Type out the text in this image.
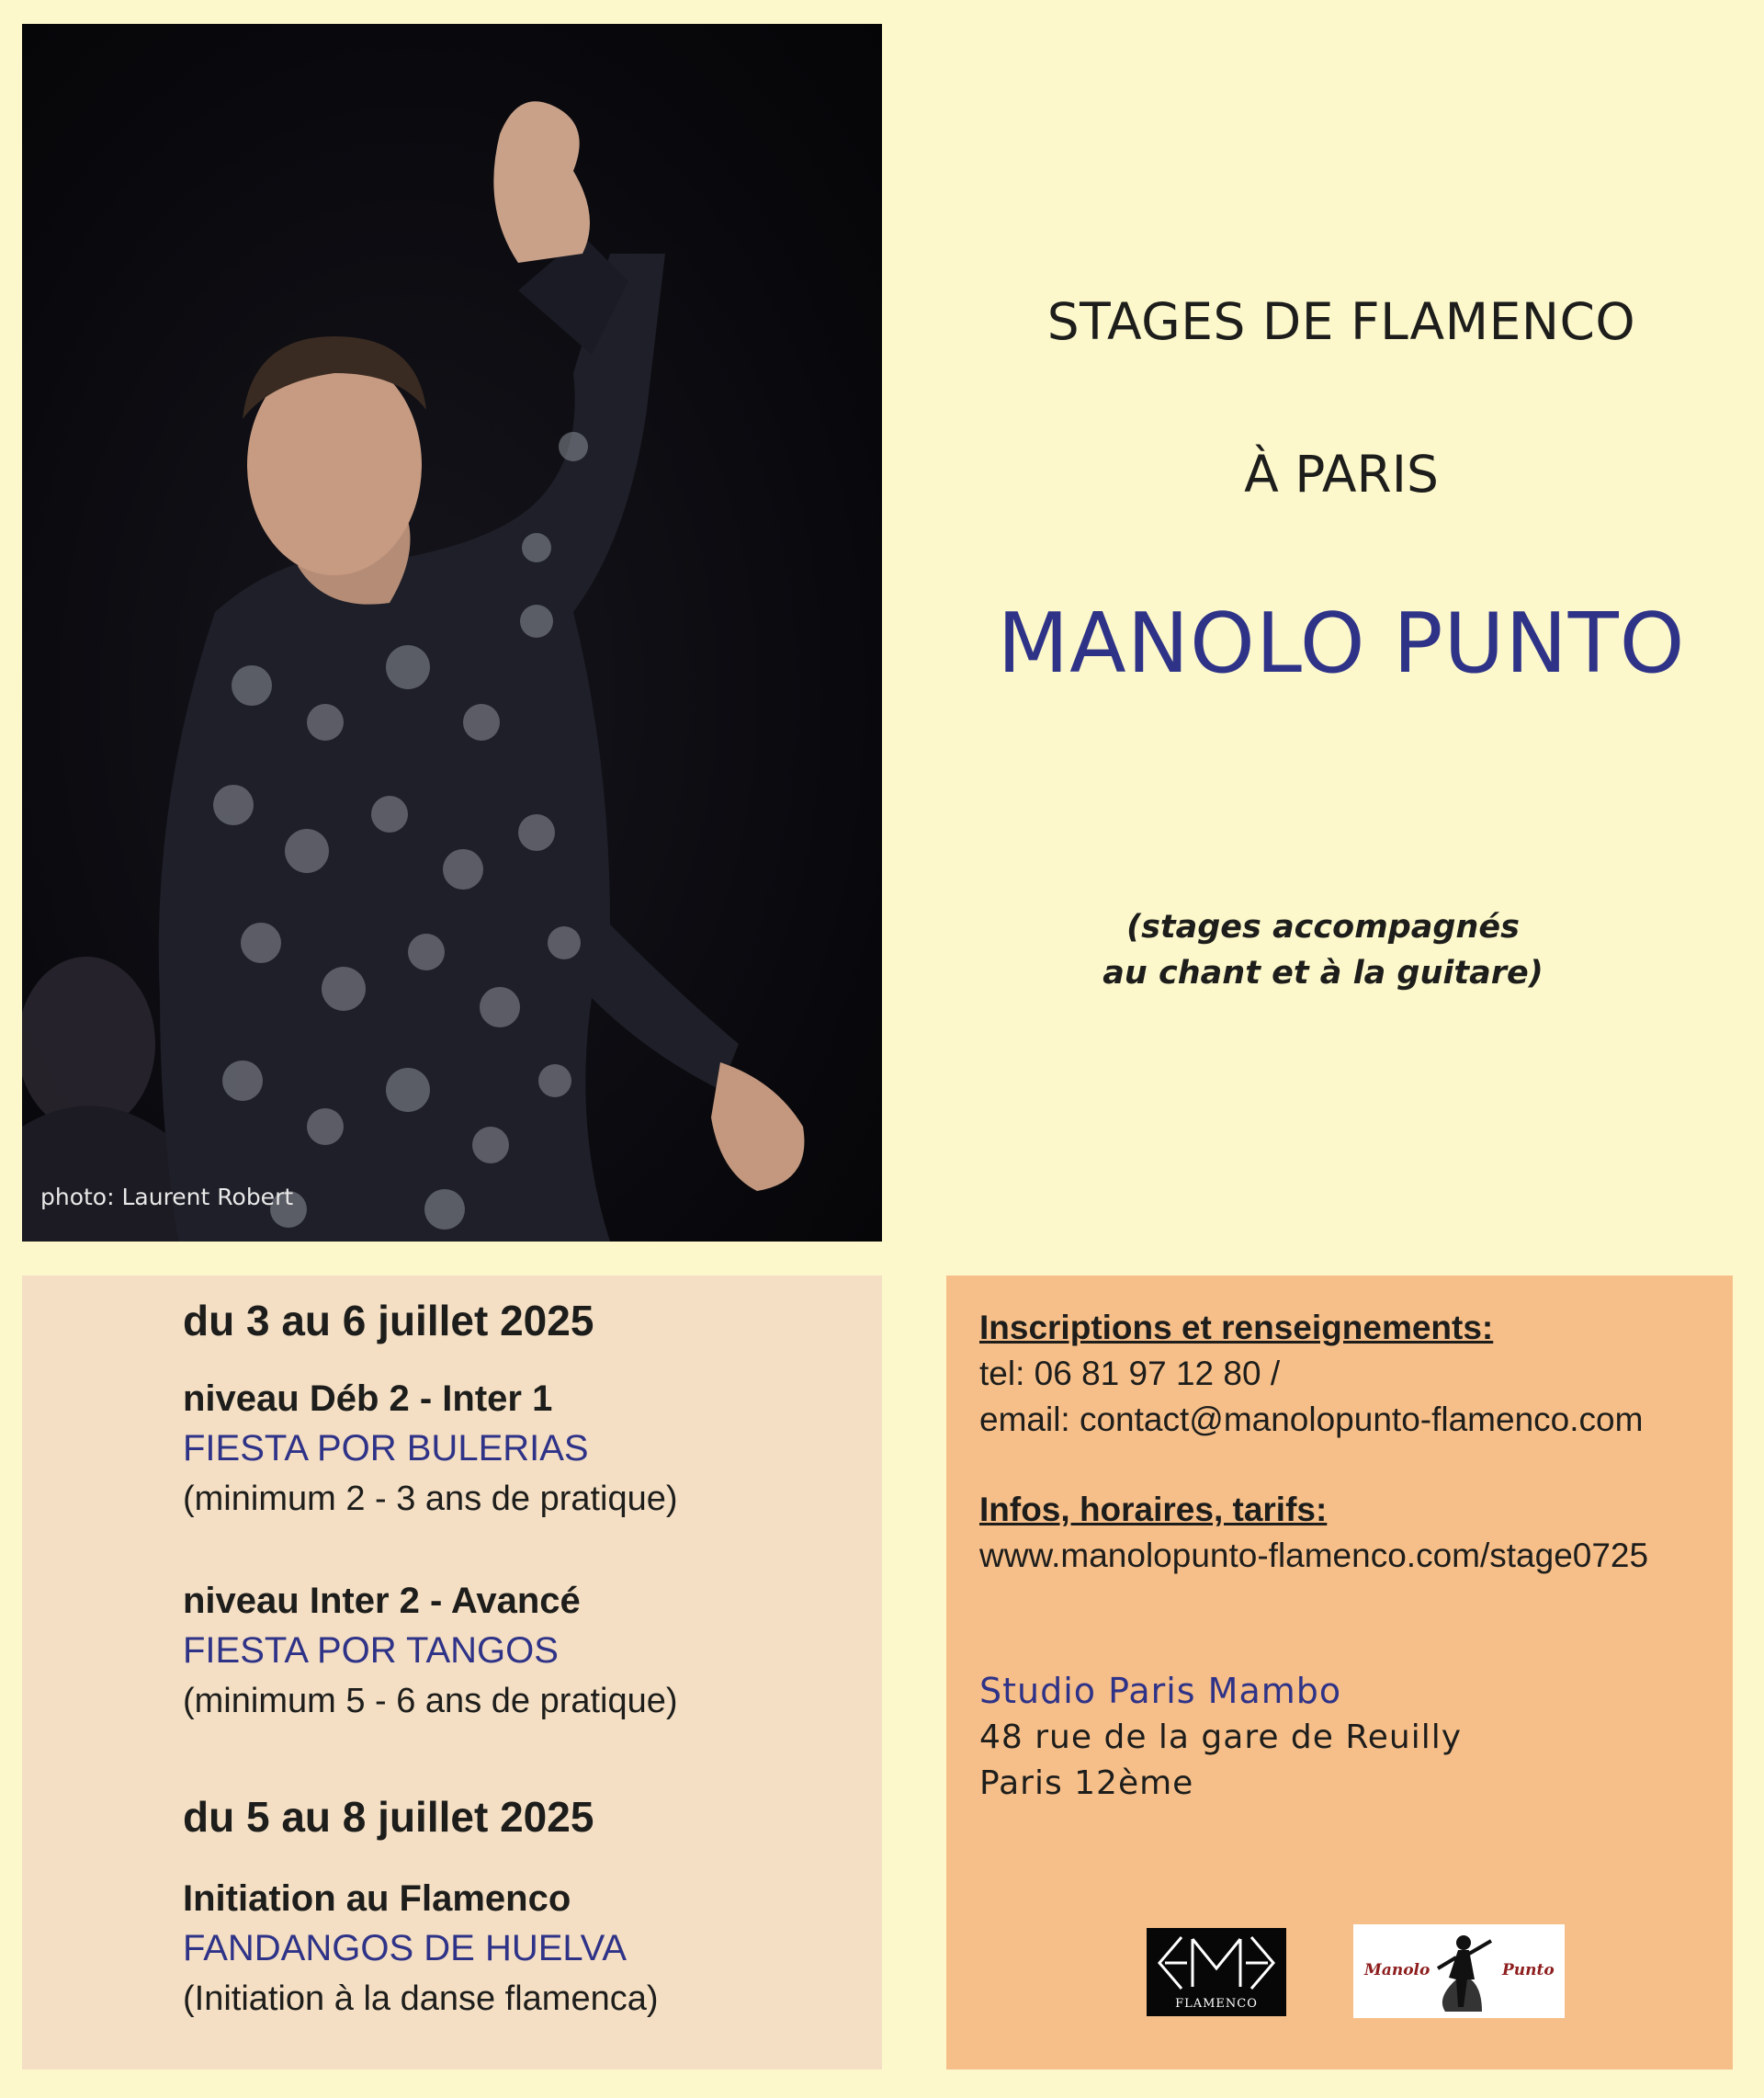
photo: Laurent Robert
STAGES DE FLAMENCO
À PARIS
MANOLO PUNTO
(stages accompagnés
au chant et à la guitare)
du 3 au 6 juillet 2025
niveau Déb 2 - Inter 1
FIESTA POR BULERIAS
(minimum 2 - 3 ans de pratique)
niveau Inter 2 - Avancé
FIESTA POR TANGOS
(minimum 5 - 6 ans de pratique)
du 5 au 8 juillet 2025
Initiation au Flamenco
FANDANGOS DE HUELVA
(Initiation à la danse flamenca)
Inscriptions et renseignements:
tel: 06 81 97 12 80 /
email: contact@manolopunto-flamenco.com
Infos, horaires, tarifs:
www.manolopunto-flamenco.com/stage0725
Studio Paris Mambo
48 rue de la gare de Reuilly
Paris 12ème
FLAMENCO
Manolo	Punto
